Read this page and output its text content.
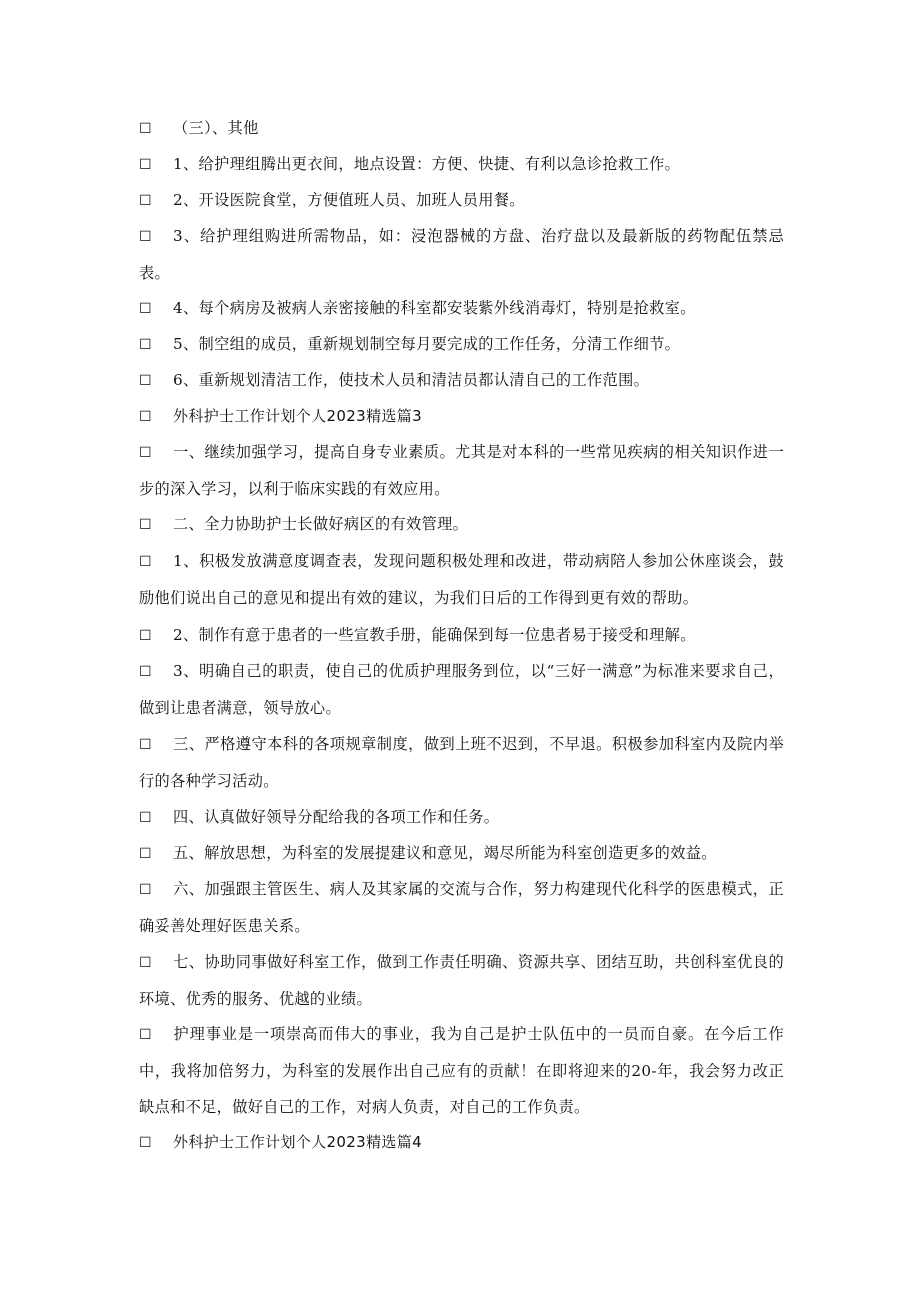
☐ （三）、其他
☐ 1、给护理组腾出更衣间，地点设置：方便、快捷、有利以急诊抢救工作。
☐ 2、开设医院食堂，方便值班人员、加班人员用餐。
☐ 3、给护理组购进所需物品，如：浸泡器械的方盘、治疗盘以及最新版的药物配伍禁忌表。
☐ 4、每个病房及被病人亲密接触的科室都安装紫外线消毒灯，特别是抢救室。
☐ 5、制空组的成员，重新规划制空每月要完成的工作任务，分清工作细节。
☐ 6、重新规划清洁工作，使技术人员和清洁员都认清自己的工作范围。
☐ 外科护士工作计划个人2023精选篇3
☐ 一、继续加强学习，提高自身专业素质。尤其是对本科的一些常见疾病的相关知识作进一步的深入学习，以利于临床实践的有效应用。
☐ 二、全力协助护士长做好病区的有效管理。
☐ 1、积极发放满意度调查表，发现问题积极处理和改进，带动病陪人参加公休座谈会，鼓励他们说出自己的意见和提出有效的建议，为我们日后的工作得到更有效的帮助。
☐ 2、制作有意于患者的一些宣教手册，能确保到每一位患者易于接受和理解。
☐ 3、明确自己的职责，使自己的优质护理服务到位，以“三好一满意”为标准来要求自己，做到让患者满意，领导放心。
☐ 三、严格遵守本科的各项规章制度，做到上班不迟到，不早退。积极参加科室内及院内举行的各种学习活动。
☐ 四、认真做好领导分配给我的各项工作和任务。
☐ 五、解放思想，为科室的发展提建议和意见，竭尽所能为科室创造更多的效益。
☐ 六、加强跟主管医生、病人及其家属的交流与合作，努力构建现代化科学的医患模式，正确妥善处理好医患关系。
☐ 七、协助同事做好科室工作，做到工作责任明确、资源共享、团结互助，共创科室优良的环境、优秀的服务、优越的业绩。
☐ 护理事业是一项崇高而伟大的事业，我为自己是护士队伍中的一员而自豪。在今后工作中，我将加倍努力，为科室的发展作出自己应有的贡献！在即将迎来的20-年，我会努力改正缺点和不足，做好自己的工作，对病人负责，对自己的工作负责。
☐ 外科护士工作计划个人2023精选篇4
